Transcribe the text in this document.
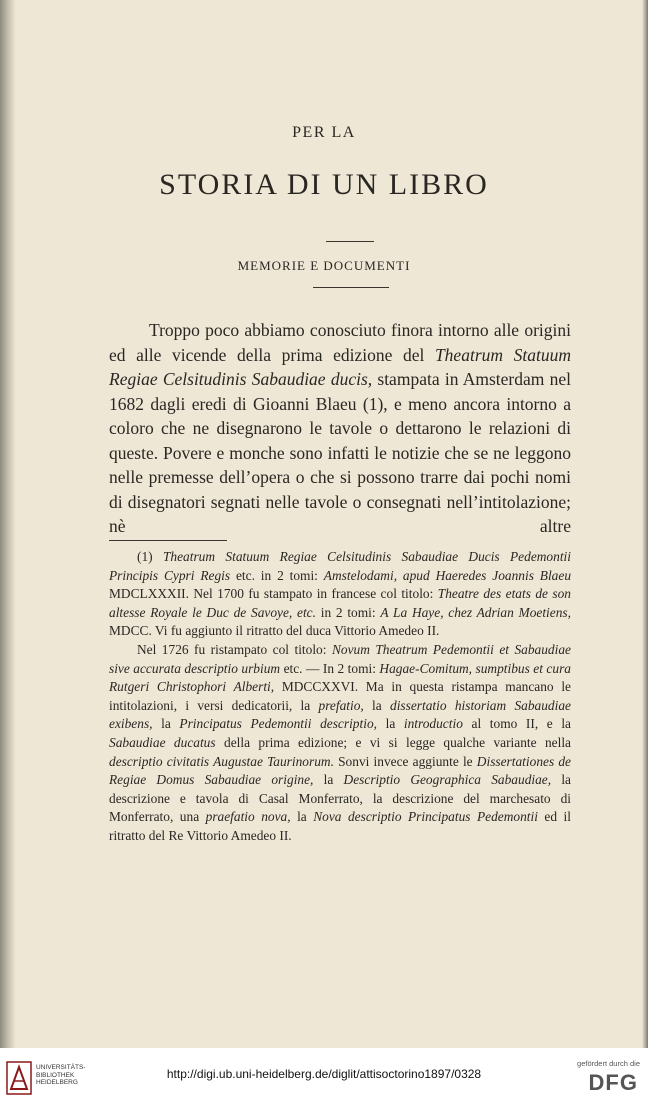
PER LA
STORIA DI UN LIBRO
MEMORIE E DOCUMENTI
Troppo poco abbiamo conosciuto finora intorno alle origini ed alle vicende della prima edizione del Theatrum Statuum Regiae Celsitudinis Sabaudiae ducis, stampata in Amsterdam nel 1682 dagli eredi di Gioanni Blaeu (1), e meno ancora intorno a coloro che ne disegnarono le tavole o dettarono le relazioni di queste. Povere e monche sono infatti le notizie che se ne leggono nelle premesse dell’opera o che si possono trarre dai pochi nomi di disegnatori segnati nelle tavole o consegnati nell’intitolazione; nè altre

(1) Theatrum Statuum Regiae Celsitudinis Sabaudiae Ducis Pedemontii Principis Cypri Regis etc. in 2 tomi: Amstelodami, apud Haeredes Joannis Blaeu MDCLXXXII. Nel 1700 fu stampato in francese col titolo: Theatre des etats de son altesse Royale le Duc de Savoye, etc. in 2 tomi: A La Haye, chez Adrian Moetiens, MDCC. Vi fu aggiunto il ritratto del duca Vittorio Amedeo II.

Nel 1726 fu ristampato col titolo: Novum Theatrum Pedemontii et Sabaudiae sive accurata descriptio urbium etc. — In 2 tomi: Hagae-Comitum, sumptibus et cura Rutgeri Christophori Alberti, MDCCXXVI. Ma in questa ristampa mancano le intitolazioni, i versi dedicatorii, la prefatio, la dissertatio historiam Sabaudiae exibens, la Principatus Pedemontii descriptio, la introductio al tomo II, e la Sabaudiae ducatus della prima edizione; e vi si legge qualche variante nella descriptio civitatis Augustae Taurinorum. Sonvi invece aggiunte le Dissertationes de Regiae Domus Sabaudiae origine, la Descriptio Geographica Sabaudiae, la descrizione e tavola di Casal Monferrato, la descrizione del marchesato di Monferrato, una praefatio nova, la Nova descriptio Principatus Pedemontii ed il ritratto del Re Vittorio Amedeo II.

UNIVERSITÄTS-
BIBLIOTHEK
HEIDELBERG
http://digi.ub.uni-heidelberg.de/diglit/attisoctorino1897/0328
gefördert durch die
DFG
